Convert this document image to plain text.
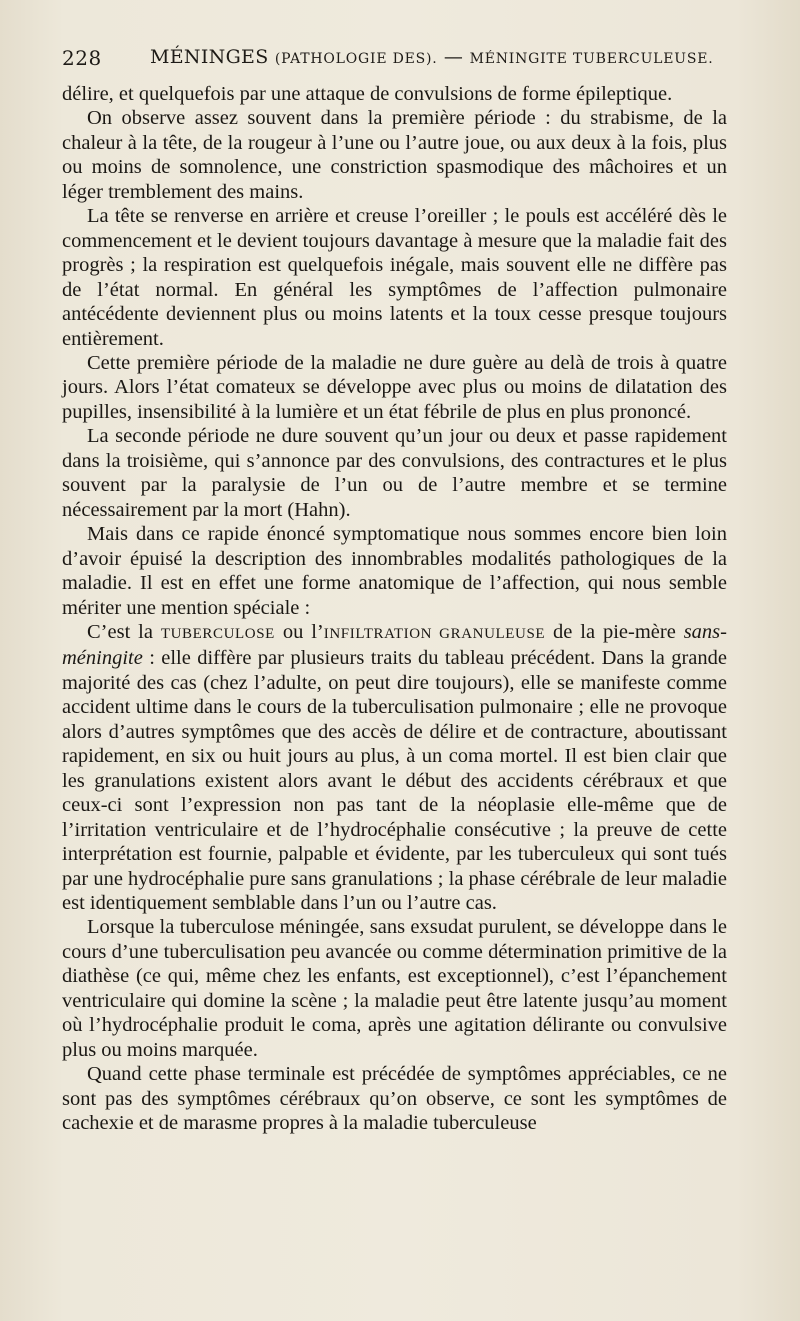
228	MÉNINGES (PATHOLOGIE DES). — MÉNINGITE TUBERCULEUSE.

délire, et quelquefois par une attaque de convulsions de forme épileptique.

On observe assez souvent dans la première période : du strabisme, de la chaleur à la tête, de la rougeur à l’une ou l’autre joue, ou aux deux à la fois, plus ou moins de somnolence, une constriction spasmodique des mâchoires et un léger tremblement des mains.

La tête se renverse en arrière et creuse l’oreiller ; le pouls est accéléré dès le commencement et le devient toujours davantage à mesure que la maladie fait des progrès ; la respiration est quelquefois inégale, mais souvent elle ne diffère pas de l’état normal. En général les symptômes de l’affection pulmonaire antécédente deviennent plus ou moins latents et la toux cesse presque toujours entièrement.

Cette première période de la maladie ne dure guère au delà de trois à quatre jours. Alors l’état comateux se développe avec plus ou moins de dilatation des pupilles, insensibilité à la lumière et un état fébrile de plus en plus prononcé.

La seconde période ne dure souvent qu’un jour ou deux et passe rapidement dans la troisième, qui s’annonce par des convulsions, des contractures et le plus souvent par la paralysie de l’un ou de l’autre membre et se termine nécessairement par la mort (Hahn).

Mais dans ce rapide énoncé symptomatique nous sommes encore bien loin d’avoir épuisé la description des innombrables modalités pathologiques de la maladie. Il est en effet une forme anatomique de l’affection, qui nous semble mériter une mention spéciale :

C’est la TUBERCULOSE ou l’INFILTRATION GRANULEUSE de la pie-mère sans-méningite : elle diffère par plusieurs traits du tableau précédent. Dans la grande majorité des cas (chez l’adulte, on peut dire toujours), elle se manifeste comme accident ultime dans le cours de la tuberculisation pulmonaire ; elle ne provoque alors d’autres symptômes que des accès de délire et de contracture, aboutissant rapidement, en six ou huit jours au plus, à un coma mortel. Il est bien clair que les granulations existent alors avant le début des accidents cérébraux et que ceux-ci sont l’expression non pas tant de la néoplasie elle-même que de l’irritation ventriculaire et de l’hydrocéphalie consécutive ; la preuve de cette interprétation est fournie, palpable et évidente, par les tuberculeux qui sont tués par une hydrocéphalie pure sans granulations ; la phase cérébrale de leur maladie est identiquement semblable dans l’un ou l’autre cas.

Lorsque la tuberculose méningée, sans exsudat purulent, se développe dans le cours d’une tuberculisation peu avancée ou comme détermination primitive de la diathèse (ce qui, même chez les enfants, est exceptionnel), c’est l’épanchement ventriculaire qui domine la scène ; la maladie peut être latente jusqu’au moment où l’hydrocéphalie produit le coma, après une agitation délirante ou convulsive plus ou moins marquée.

Quand cette phase terminale est précédée de symptômes appréciables, ce ne sont pas des symptômes cérébraux qu’on observe, ce sont les symptômes de cachexie et de marasme propres à la maladie tuberculeuse
